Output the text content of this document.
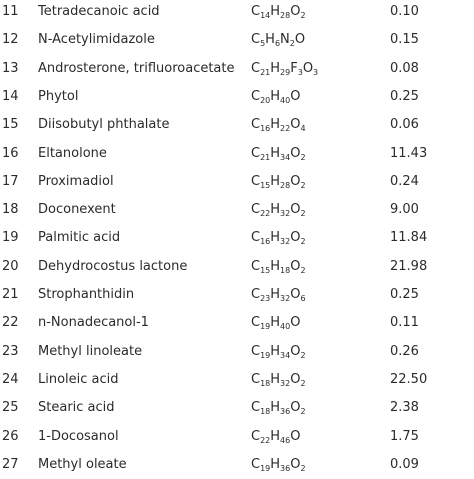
11 Tetradecanoic acid	$C_{14}H_{28}O_2$	0.10
12 N-Acetylimidazole	$C_5H_6N_2O$	0.15
13 Androsterone, trifluoroacetate $C_{21}H_{29}F_3O_3$	0.08
14 Phytol	$C_{20}H_{40}O$	0.25
15 Diisobutyl phthalate	$C_{16}H_{22}O_4$	0.06
16 Eltanolone	$C_{21}H_{34}O_2$	11.43
17 Proximadiol	$C_{15}H_{28}O_2$	0.24
18 Doconexent	$C_{22}H_{32}O_2$	9.00
19 Palmitic acid	$C_{16}H_{32}O_2$	11.84
20 Dehydrocostus lactone	$C_{15}H_{18}O_2$	21.98
21 Strophanthidin	$C_{23}H_{32}O_6$	0.25
22 n-Nonadecanol-1	$C_{19}H_{40}O$	0.11
23 Methyl linoleate	$C_{19}H_{34}O_2$	0.26
24 Linoleic acid	$C_{18}H_{32}O_2$	22.50
25 Stearic acid	$C_{18}H_{36}O_2$	2.38
26 1-Docosanol	$C_{22}H_{46}O$	1.75
27 Methyl oleate	$C_{19}H_{36}O_2$	0.09
